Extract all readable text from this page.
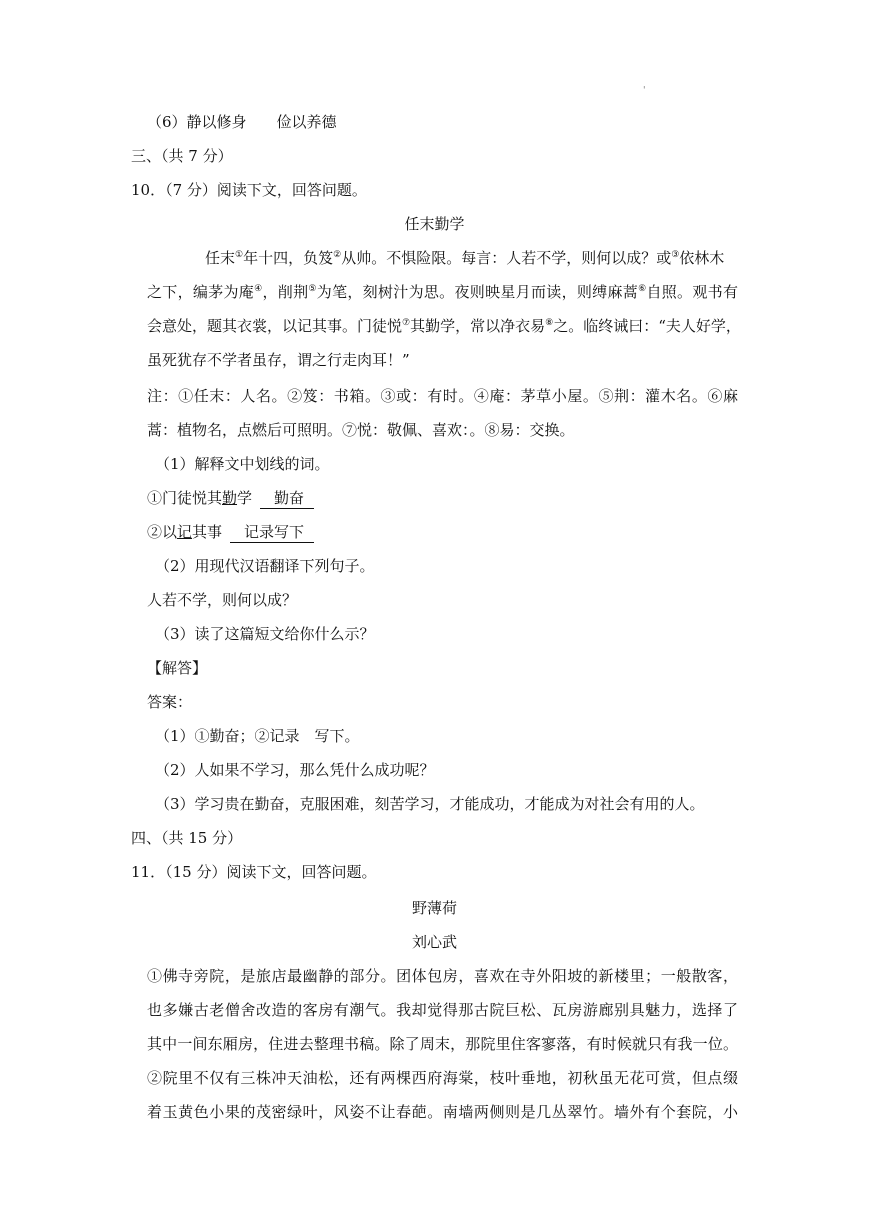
'
（6）静以修身　　俭以养德
三、（共 7 分）
10．（7 分）阅读下文，回答问题。
任末勤学
任末①年十四，负笈②从帅。不惧险限。每言：人若不学，则何以成？或③依林木
之下，编茅为庵④，削荆⑤为笔，刻树汁为思。夜则映星月而读，则缚麻蒿⑥自照。观书有
会意处，题其衣裳，以记其事。门徒悦⑦其勤学，常以净衣易⑧之。临终诫曰：“夫人好学，
虽死犹存不学者虽存，谓之行走肉耳！”
注：①任末：人名。②笈：书箱。③或：有时。④庵：茅草小屋。⑤荆：灌木名。⑥麻
蒿：植物名，点燃后可照明。⑦悦：敬佩、喜欢：。⑧易：交换。
（1）解释文中划线的词。
①门徒悦其勤学 勤奋
②以记其事 记录写下
（2）用现代汉语翻译下列句子。
人若不学，则何以成？
（3）读了这篇短文给你什么示？
【解答】
答案：
（1）①勤奋；②记录　写下。
（2）人如果不学习，那么凭什么成功呢？
（3）学习贵在勤奋，克服困难，刻苦学习，才能成功，才能成为对社会有用的人。
四、（共 15 分）
11．（15 分）阅读下文，回答问题。
野薄荷
刘心武
①佛寺旁院，是旅店最幽静的部分。团体包房，喜欢在寺外阳坡的新楼里；一般散客，
也多嫌古老僧舍改造的客房有潮气。我却觉得那古院巨松、瓦房游廊别具魅力，选择了
其中一间东厢房，住进去整理书稿。除了周末，那院里住客寥落，有时候就只有我一位。
②院里不仅有三株冲天油松，还有两棵西府海棠，枝叶垂地，初秋虽无花可赏，但点缀
着玉黄色小果的茂密绿叶，风姿不让春葩。南墙两侧则是几丛翠竹。墙外有个套院，小
